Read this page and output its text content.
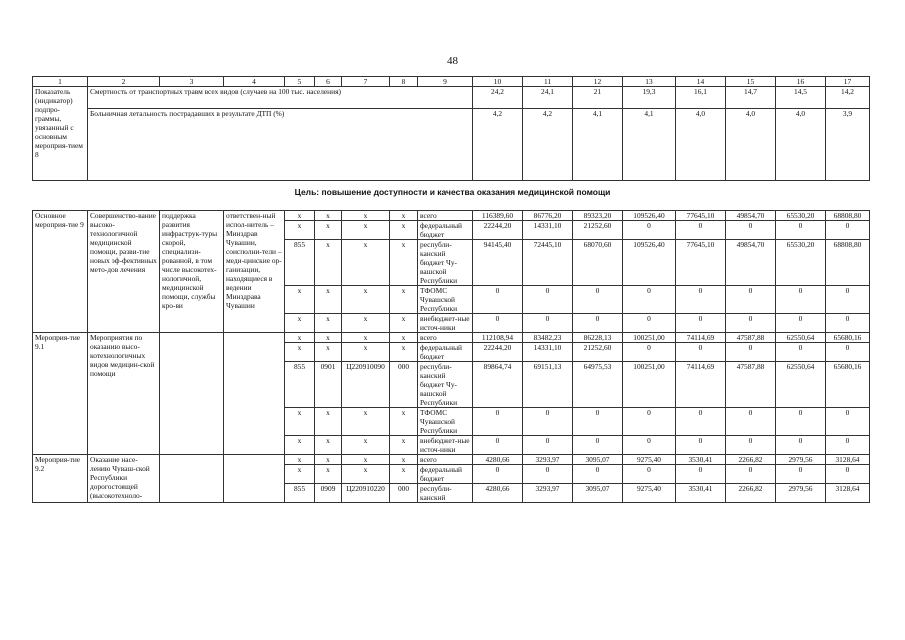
48
1	2	3	4	5	6	7	8	9	10	11	12	13	14	15	16	17
Показатель (индикатор) подпро-граммы, увязанный с основным мероприя-тием 8	Смертность от транспортных травм всех видов (случаев на 100 тыс. населения)								24,2	24,1	21	19,3	16,1	14,7	14,5	14,2
	Больничная летальность пострадавших в результате ДТП (%)								4,2	4,2	4,1	4,1	4,0	4,0	4,0	3,9
Цель: повышение доступности и качества оказания медицинской помощи
Основное мероприя-тие 9	Совершенство-вание высоко-технологичной медицинской помощи, разви-тие новых эф-фективных мето-дов лечения	поддержка развития инфраструк-туры скорой, специализи-рованной, в том числе высокотех-нологичной, медицинской помощи, службы кро-ви	ответствен-ный испол-нитель – Минздрав Чувашии, соисполни-тели – меди-цинские ор-ганизации, находящиеся в ведении Минздрава Чувашии	x	x	x	x	всего	116389,60	86776,20	89323,20	109526,40	77645,10	49854,70	65530,20	68808,80
				x	x	x	x	федеральный бюджет	22244,20	14331,10	21252,60	0	0	0	0	0
				855	x	x	x	республи-канский бюджет Чу-вашской Республики	94145,40	72445,10	68070,60	109526,40	77645,10	49854,70	65530,20	68808,80
				x	x	x	x	ТФОМС Чувашской Республики	0	0	0	0	0	0	0	0
				x	x	x	x	внебюджет-ные источ-ники	0	0	0	0	0	0	0	0
Мероприя-тие 9.1	Мероприятия по оказанию высо-котехнологичных видов медицин-ской помощи			x	x	x	x	всего	112108,94	83482,23	86228,13	100251,00	74114,69	47587,88	62550,64	65680,16
				x	x	x	x	федеральный бюджет	22244,20	14331,10	21252,60	0	0	0	0	0
				855	0901	Ц220910090	000	республи-канский бюджет Чу-вашской Республики	89864,74	69151,13	64975,53	100251,00	74114,69	47587,88	62550,64	65680,16
				x	x	x	x	ТФОМС Чувашской Республики	0	0	0	0	0	0	0	0
				x	x	x	x	внебюджет-ные источ-ники	0	0	0	0	0	0	0	0
Мероприя-тие 9.2	Оказание насе-лению Чуваш-ской Республики дорогостоящей (высокотехноло-			x	x	x	x	всего	4280,66	3293,97	3095,07	9275,40	3530,41	2266,82	2979,56	3128,64
				x	x	x	x	федеральный бюджет	0	0	0	0	0	0	0	0
				855	0909	Ц220910220	000	республи-канский	4280,66	3293,97	3095,07	9275,40	3530,41	2266,82	2979,56	3128,64
